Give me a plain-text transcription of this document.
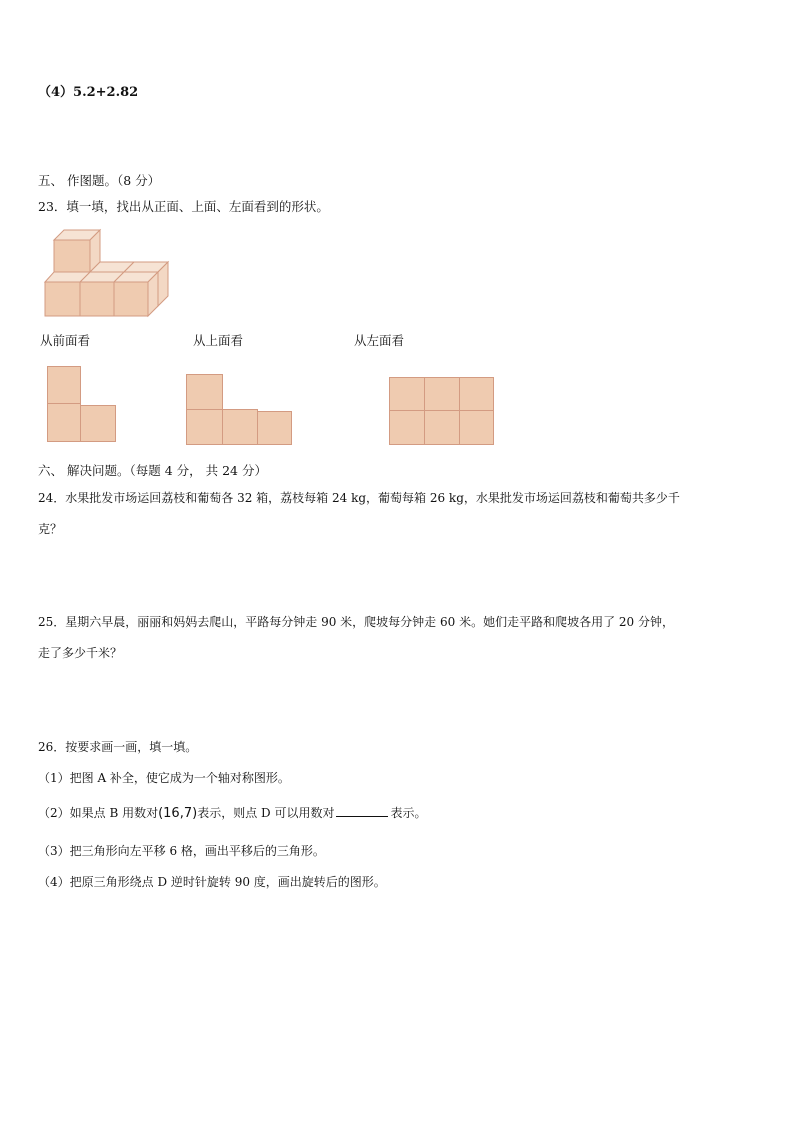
（4）5.2+2.82
五、 作图题。（8 分）
23．填一填，找出从正面、上面、左面看到的形状。
从前面看	从上面看	从左面看
六、 解决问题。（每题 4 分， 共 24 分）
24．水果批发市场运回荔枝和葡萄各 32 箱，荔枝每箱 24 kg，葡萄每箱 26 kg，水果批发市场运回荔枝和葡萄共多少千
克？
25．星期六早晨，丽丽和妈妈去爬山，平路每分钟走 90 米，爬坡每分钟走 60 米。她们走平路和爬坡各用了 20 分钟，
走了多少千米？
26．按要求画一画，填一填。
（1）把图 A 补全，使它成为一个轴对称图形。
（2）如果点 B 用数对(16,7)表示，则点 D 可以用数对	表示。
（3）把三角形向左平移 6 格，画出平移后的三角形。
（4）把原三角形绕点 D 逆时针旋转 90 度，画出旋转后的图形。
